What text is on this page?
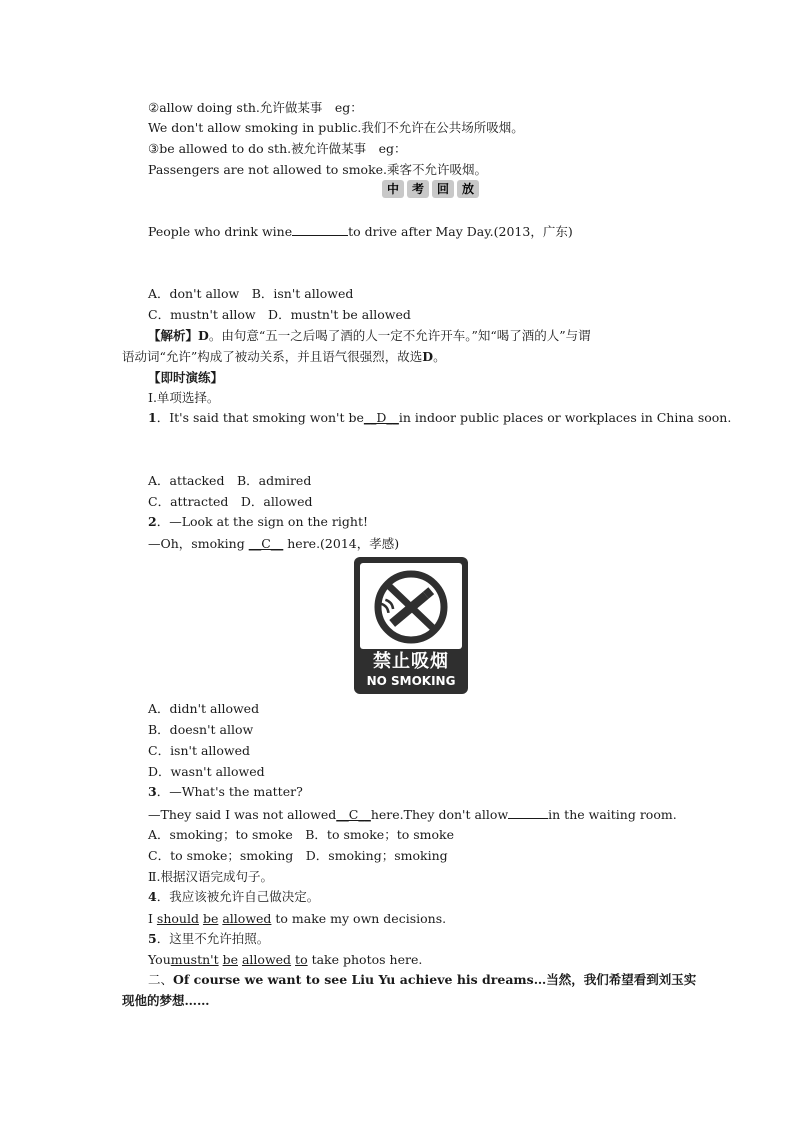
②allow doing sth.允许做某事　eg：
We don't allow smoking in public.我们不允许在公共场所吸烟。
③be allowed to do sth.被允许做某事　eg：
Passengers are not allowed to smoke.乘客不允许吸烟。
中	考	回	放
People who drink wine	to drive after May Day.(2013，广东)
A．don't allow　B．isn't allowed
C．mustn't allow　D．mustn't be allowed
【解析】D。由句意“五一之后喝了酒的人一定不允许开车。”知“喝了酒的人”与谓
语动词“允许”构成了被动关系，并且语气很强烈，故选D。
【即时演练】
Ⅰ.单项选择。
1．It's said that smoking won't be__D__in indoor public places or workplaces in China soon.
A．attacked　B．admired
C．attracted　D．allowed
2．—Look at the sign on the right!
—Oh，smoking __C__ here.(2014，孝感)
禁止吸烟
NO SMOKING
A．didn't allowed
B．doesn't allow
C．isn't allowed
D．wasn't allowed
3．—What's the matter?
—They said I was not allowed__C__here.They don't allow	in the waiting room.
A．smoking；to smoke　B．to smoke；to smoke
C．to smoke；smoking　D．smoking；smoking
Ⅱ.根据汉语完成句子。
4．我应该被允许自己做决定。
I should be allowed to make my own decisions.
5．这里不允许拍照。
Youmustn't be allowed to take photos here.
二、Of course we want to see Liu Yu achieve his dreams…当然，我们希望看到刘玉实
现他的梦想……
